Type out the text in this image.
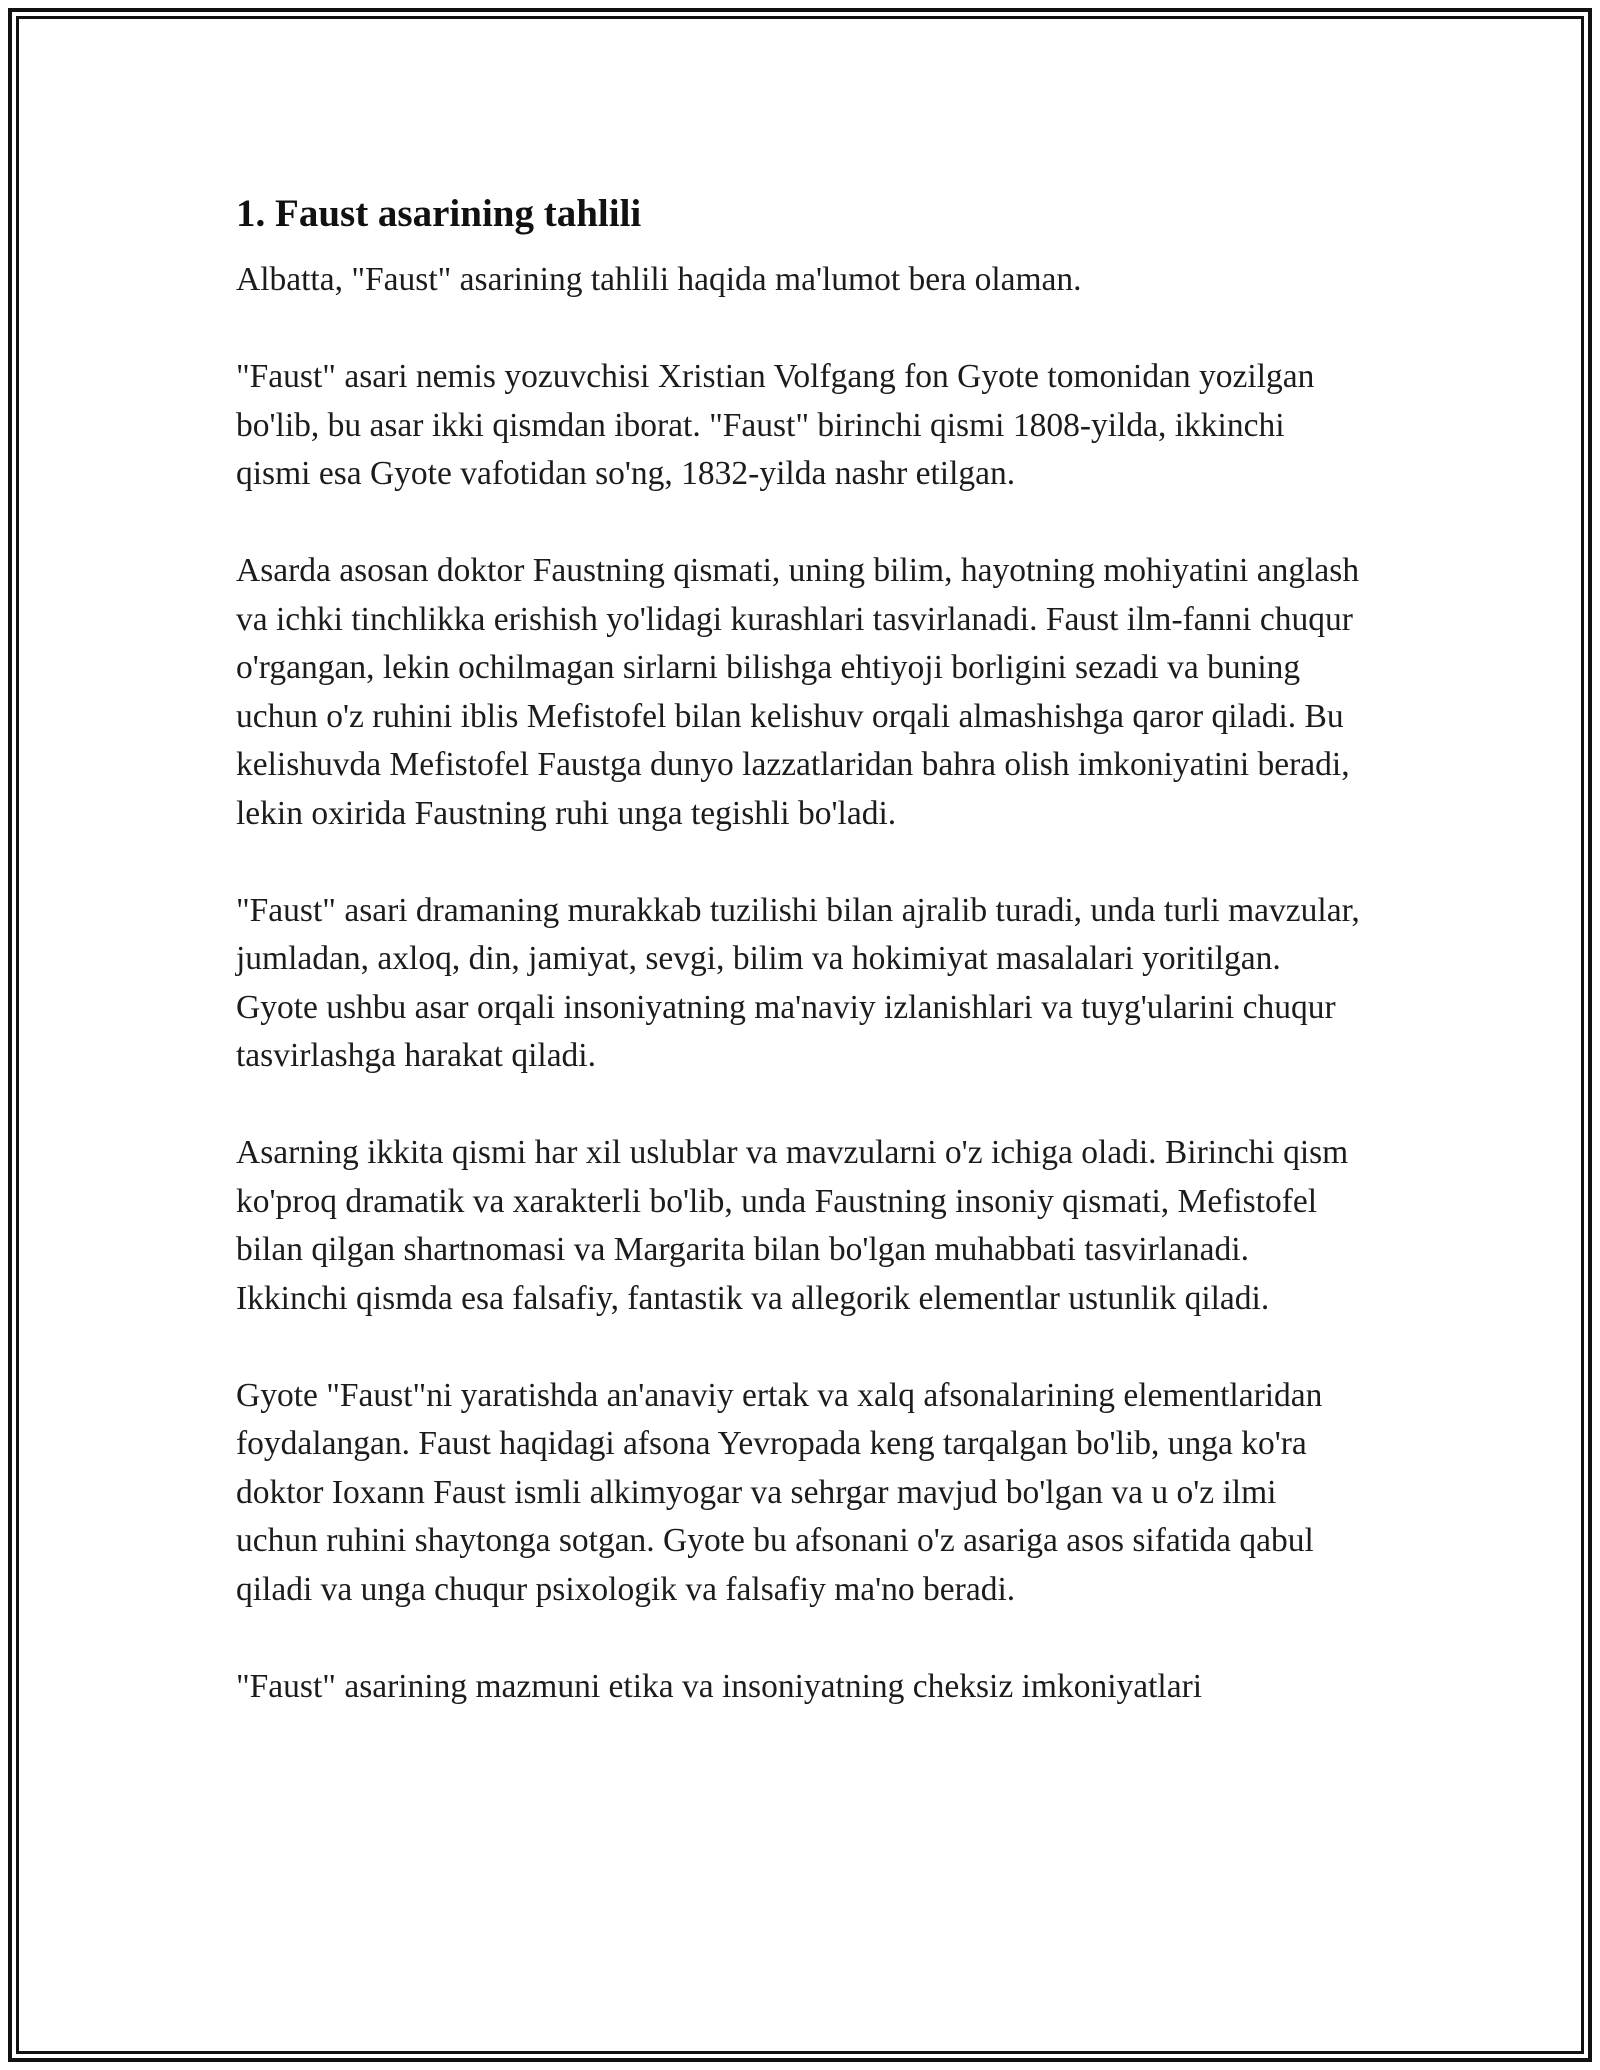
1. Faust asarining tahlili

Albatta, "Faust" asarining tahlili haqida ma'lumot bera olaman.

"Faust" asari nemis yozuvchisi Xristian Volfgang fon Gyote tomonidan yozilgan bo'lib, bu asar ikki qismdan iborat. "Faust" birinchi qismi 1808-yilda, ikkinchi qismi esa Gyote vafotidan so'ng, 1832-yilda nashr etilgan.

Asarda asosan doktor Faustning qismati, uning bilim, hayotning mohiyatini anglash va ichki tinchlikka erishish yo'lidagi kurashlari tasvirlanadi. Faust ilm-fanni chuqur o'rgangan, lekin ochilmagan sirlarni bilishga ehtiyoji borligini sezadi va buning uchun o'z ruhini iblis Mefistofel bilan kelishuv orqali almashishga qaror qiladi. Bu kelishuvda Mefistofel Faustga dunyo lazzatlaridan bahra olish imkoniyatini beradi, lekin oxirida Faustning ruhi unga tegishli bo'ladi.

"Faust" asari dramaning murakkab tuzilishi bilan ajralib turadi, unda turli mavzular, jumladan, axloq, din, jamiyat, sevgi, bilim va hokimiyat masalalari yoritilgan. Gyote ushbu asar orqali insoniyatning ma'naviy izlanishlari va tuyg'ularini chuqur tasvirlashga harakat qiladi.

Asarning ikkita qismi har xil uslublar va mavzularni o'z ichiga oladi. Birinchi qism ko'proq dramatik va xarakterli bo'lib, unda Faustning insoniy qismati, Mefistofel bilan qilgan shartnomasi va Margarita bilan bo'lgan muhabbati tasvirlanadi. Ikkinchi qismda esa falsafiy, fantastik va allegorik elementlar ustunlik qiladi.

Gyote "Faust"ni yaratishda an'anaviy ertak va xalq afsonalarining elementlaridan foydalangan. Faust haqidagi afsona Yevropada keng tarqalgan bo'lib, unga ko'ra doktor Ioxann Faust ismli alkimyogar va sehrgar mavjud bo'lgan va u o'z ilmi uchun ruhini shaytonga sotgan. Gyote bu afsonani o'z asariga asos sifatida qabul qiladi va unga chuqur psixologik va falsafiy ma'no beradi.

"Faust" asarining mazmuni etika va insoniyatning cheksiz imkoniyatlari
